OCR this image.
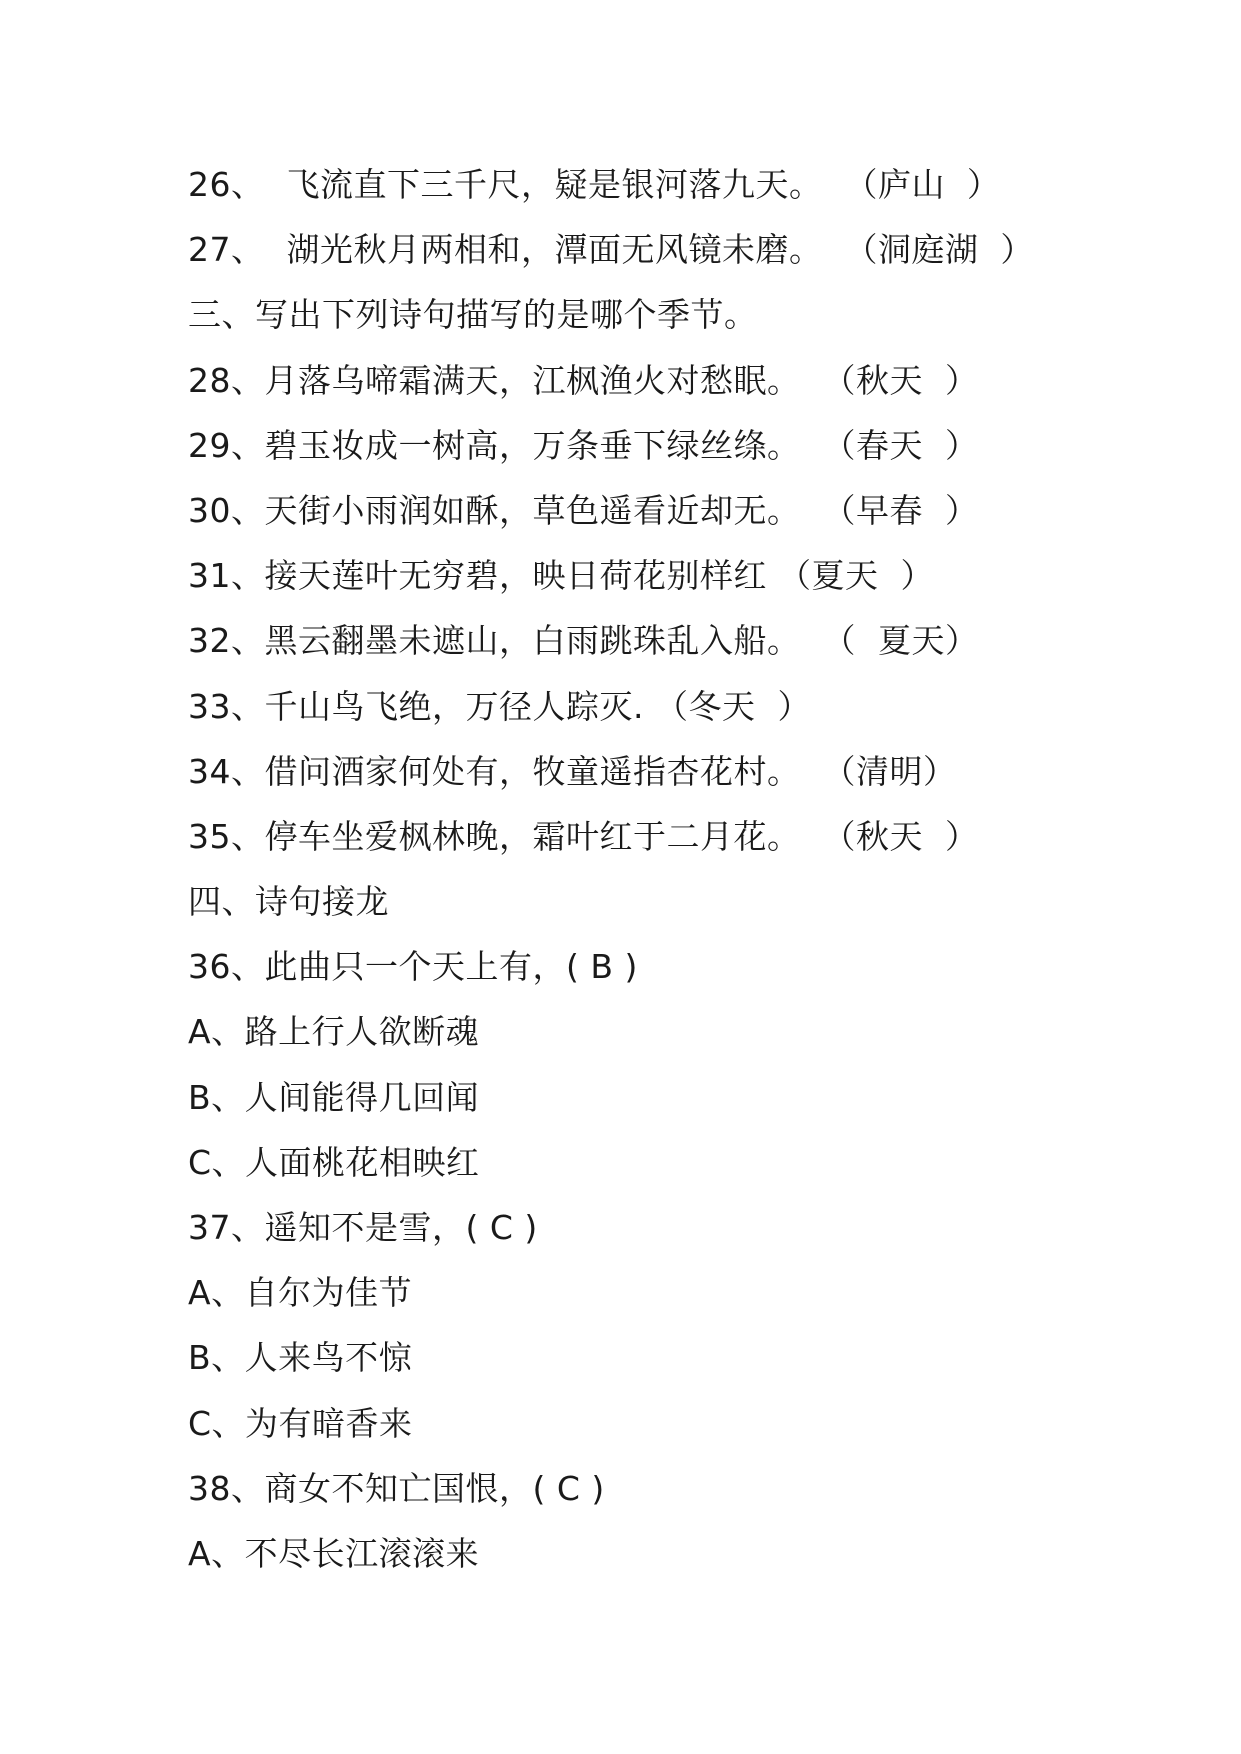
26、  飞流直下三千尺，疑是银河落九天。  （庐山  ）
27、  湖光秋月两相和，潭面无风镜未磨。  （洞庭湖  ）
三、写出下列诗句描写的是哪个季节。
28、月落乌啼霜满天，江枫渔火对愁眠。  （秋天  ）
29、碧玉妆成一树高，万条垂下绿丝绦。  （春天  ）
30、天街小雨润如酥，草色遥看近却无。  （早春  ）
31、接天莲叶无穷碧，映日荷花别样红 （夏天  ）
32、黑云翻墨未遮山，白雨跳珠乱入船。  （  夏天）
33、千山鸟飞绝，万径人踪灭. （冬天  ）
34、借问酒家何处有，牧童遥指杏花村。  （清明）
35、停车坐爱枫林晚，霜叶红于二月花。  （秋天  ）
四、诗句接龙
36、此曲只一个天上有，( B )
A、路上行人欲断魂
B、人间能得几回闻
C、人面桃花相映红
37、遥知不是雪，( C )
A、自尔为佳节
B、人来鸟不惊
C、为有暗香来
38、商女不知亡国恨，( C )
A、不尽长江滚滚来
